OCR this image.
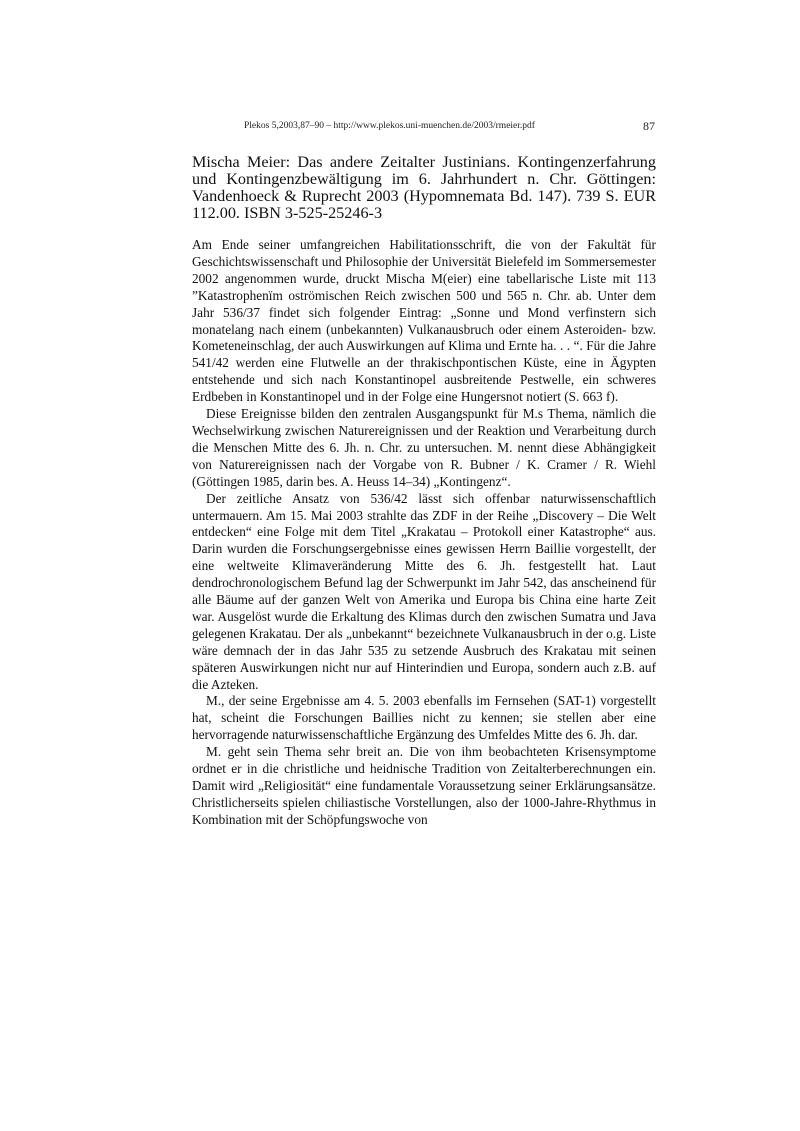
Plekos 5,2003,87–90 – http://www.plekos.uni-muenchen.de/2003/rmeier.pdf	87
Mischa Meier: Das andere Zeitalter Justinians. Kontingenzerfahrung und Kontingenzbewältigung im 6. Jahrhundert n. Chr. Göttingen: Vandenhoeck & Ruprecht 2003 (Hypomnemata Bd. 147). 739 S. EUR 112.00. ISBN 3-525-25246-3

Am Ende seiner umfangreichen Habilitationsschrift, die von der Fakultät für Geschichtswissenschaft und Philosophie der Universität Bielefeld im Sommersemester 2002 angenommen wurde, druckt Mischa M(eier) eine tabellarische Liste mit 113 ”Katastrophenïm oströmischen Reich zwischen 500 und 565 n. Chr. ab. Unter dem Jahr 536/37 findet sich folgender Eintrag: „Sonne und Mond verfinstern sich monatelang nach einem (unbekannten) Vulkanausbruch oder einem Asteroiden- bzw. Kometeneinschlag, der auch Auswirkungen auf Klima und Ernte ha. . . “. Für die Jahre 541/42 werden eine Flutwelle an der thrakischpontischen Küste, eine in Ägypten entstehende und sich nach Konstantinopel ausbreitende Pestwelle, ein schweres Erdbeben in Konstantinopel und in der Folge eine Hungersnot notiert (S. 663 f).

Diese Ereignisse bilden den zentralen Ausgangspunkt für M.s Thema, nämlich die Wechselwirkung zwischen Naturereignissen und der Reaktion und Verarbeitung durch die Menschen Mitte des 6. Jh. n. Chr. zu untersuchen. M. nennt diese Abhängigkeit von Naturereignissen nach der Vorgabe von R. Bubner / K. Cramer / R. Wiehl (Göttingen 1985, darin bes. A. Heuss 14–34) „Kontingenz“.

Der zeitliche Ansatz von 536/42 lässt sich offenbar naturwissenschaftlich untermauern. Am 15. Mai 2003 strahlte das ZDF in der Reihe „Discovery – Die Welt entdecken“ eine Folge mit dem Titel „Krakatau – Protokoll einer Katastrophe“ aus. Darin wurden die Forschungsergebnisse eines gewissen Herrn Baillie vorgestellt, der eine weltweite Klimaveränderung Mitte des 6. Jh. festgestellt hat. Laut dendrochronologischem Befund lag der Schwerpunkt im Jahr 542, das anscheinend für alle Bäume auf der ganzen Welt von Amerika und Europa bis China eine harte Zeit war. Ausgelöst wurde die Erkaltung des Klimas durch den zwischen Sumatra und Java gelegenen Krakatau. Der als „unbekannt“ bezeichnete Vulkanausbruch in der o.g. Liste wäre demnach der in das Jahr 535 zu setzende Ausbruch des Krakatau mit seinen späteren Auswirkungen nicht nur auf Hinterindien und Europa, sondern auch z.B. auf die Azteken.

M., der seine Ergebnisse am 4. 5. 2003 ebenfalls im Fernsehen (SAT-1) vorgestellt hat, scheint die Forschungen Baillies nicht zu kennen; sie stellen aber eine hervorragende naturwissenschaftliche Ergänzung des Umfeldes Mitte des 6. Jh. dar.

M. geht sein Thema sehr breit an. Die von ihm beobachteten Krisensymptome ordnet er in die christliche und heidnische Tradition von Zeitalterberechnungen ein. Damit wird „Religiosität“ eine fundamentale Voraussetzung seiner Erklärungsansätze. Christlicherseits spielen chiliastische Vorstellungen, also der 1000-Jahre-Rhythmus in Kombination mit der Schöpfungswoche von
